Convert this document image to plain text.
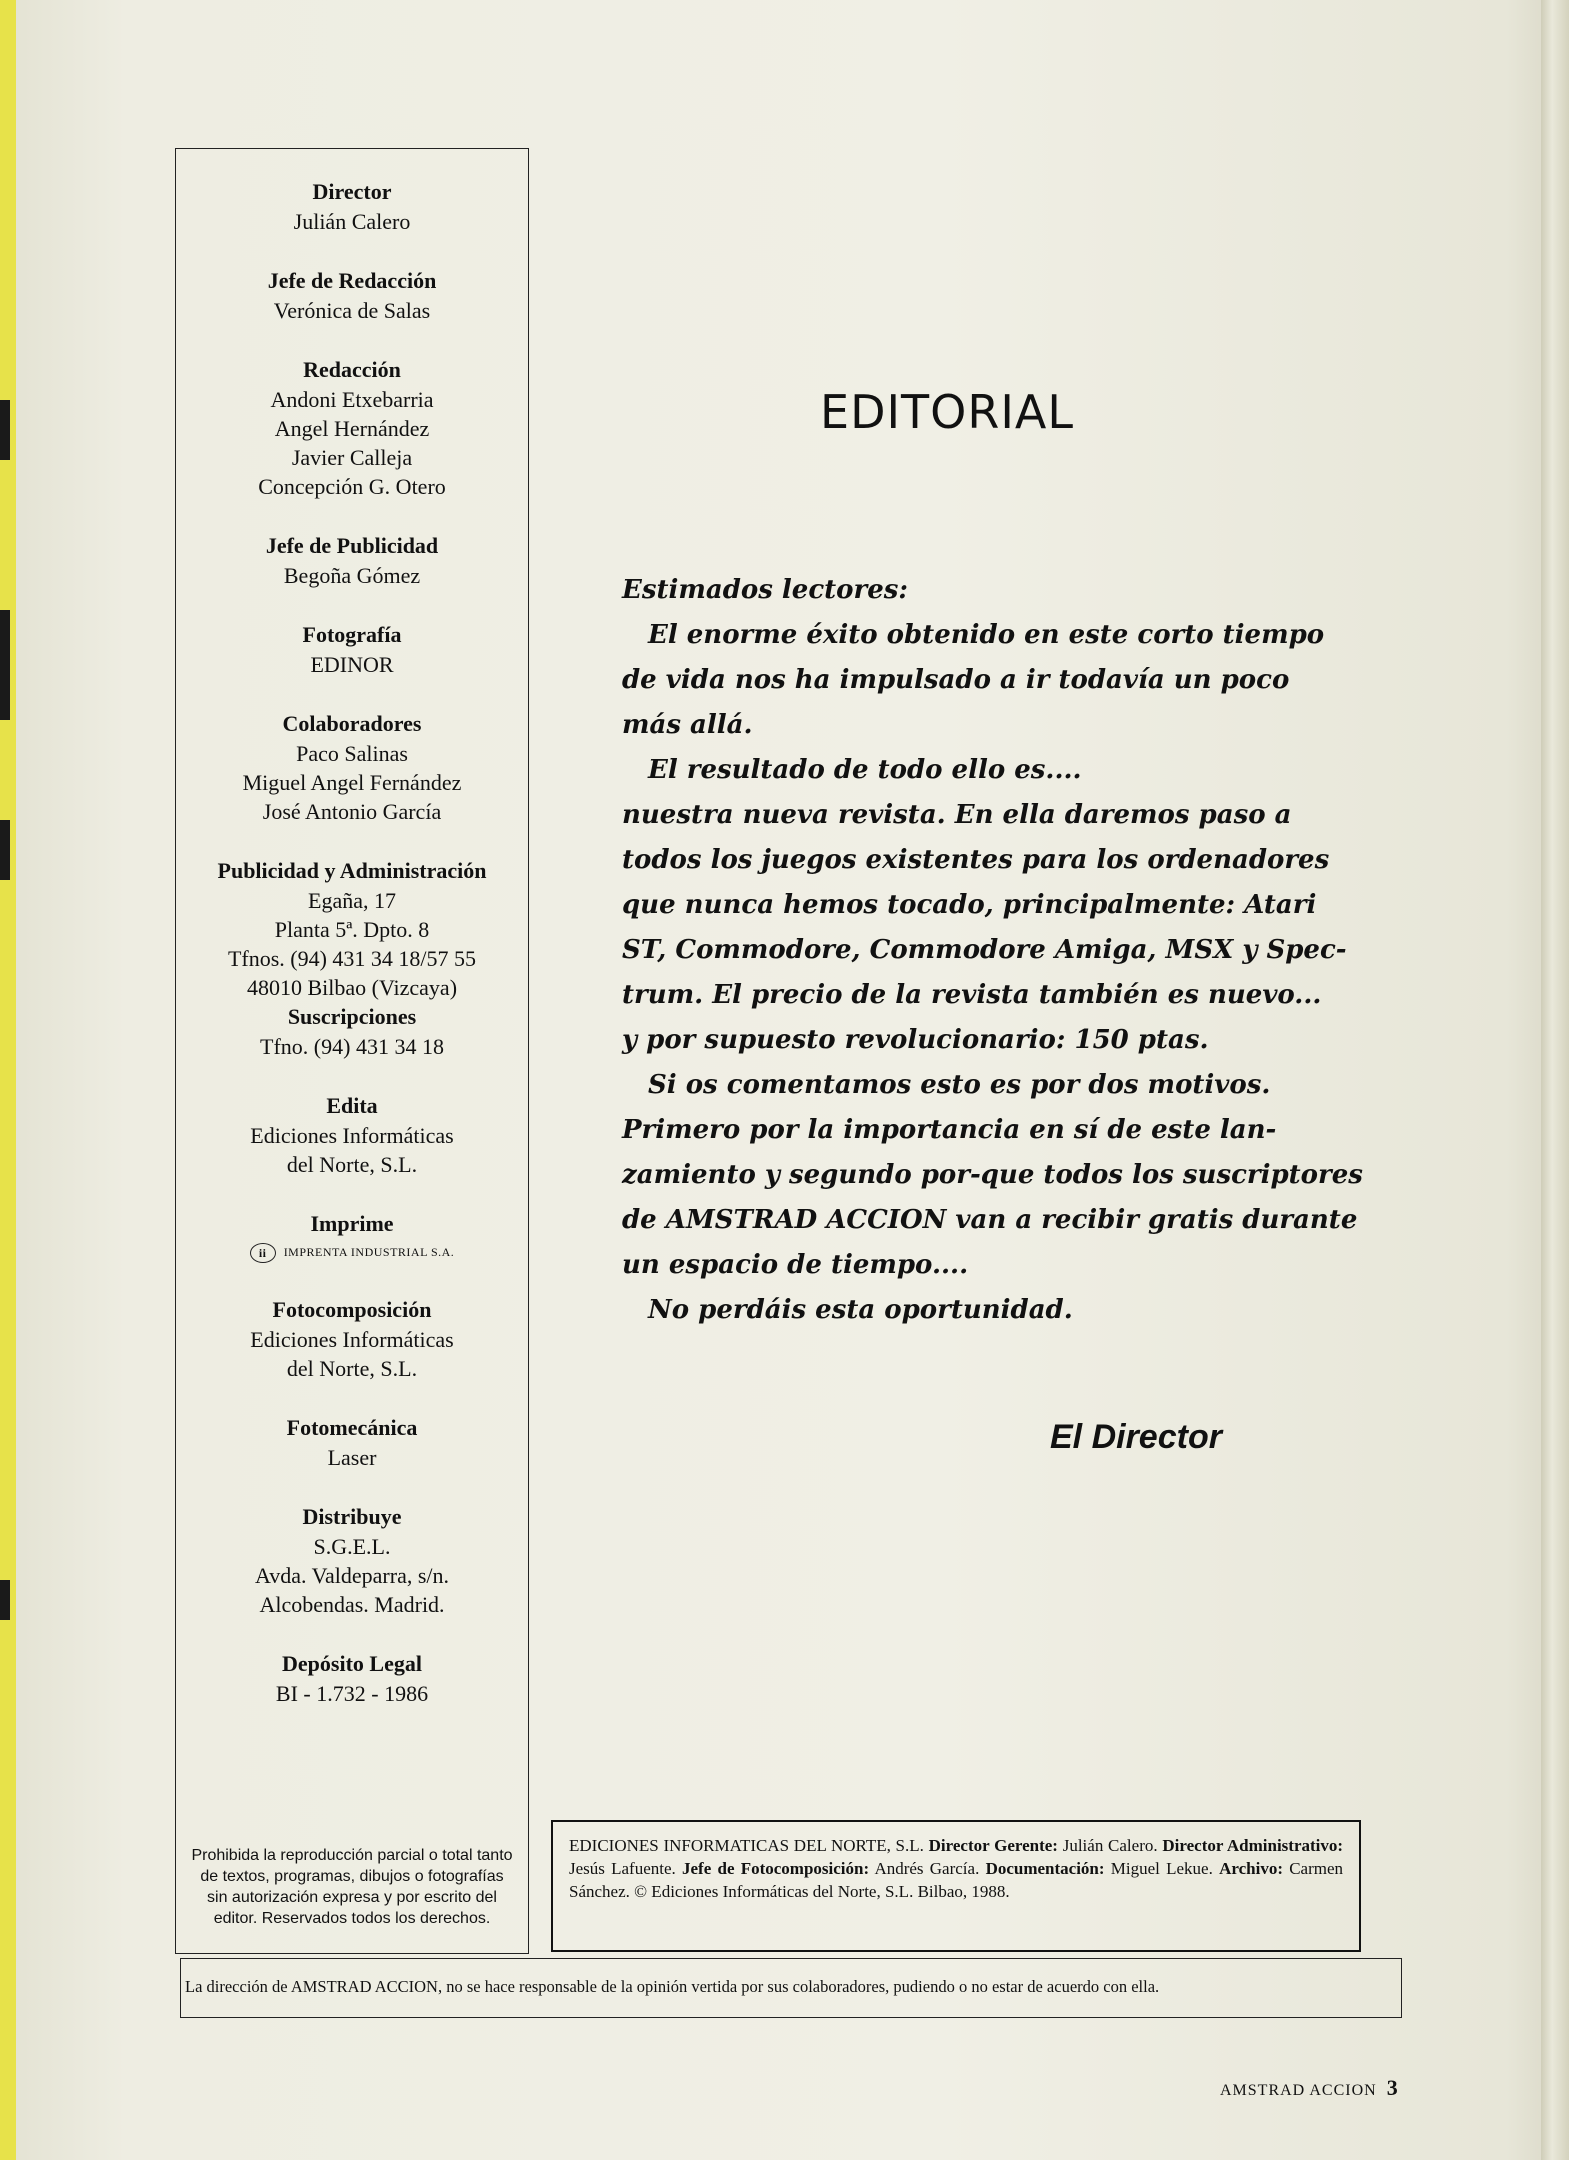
Director
Julián Calero
Jefe de Redacción
Verónica de Salas
Redacción
Andoni Etxebarria
Angel Hernández
Javier Calleja
Concepción G. Otero
Jefe de Publicidad
Begoña Gómez
Fotografía
EDINOR
Colaboradores
Paco Salinas
Miguel Angel Fernández
José Antonio García
Publicidad y Administración
Egaña, 17
Planta 5ª. Dpto. 8
Tfnos. (94) 431 34 18/57 55
48010 Bilbao (Vizcaya)
Suscripciones
Tfno. (94) 431 34 18
Edita
Ediciones Informáticas
del Norte, S.L.
Imprime
ii IMPRENTA INDUSTRIAL S.A.
Fotocomposición
Ediciones Informáticas
del Norte, S.L.
Fotomecánica
Laser
Distribuye
S.G.E.L.
Avda. Valdeparra, s/n.
Alcobendas. Madrid.
Depósito Legal
BI - 1.732 - 1986
Prohibida la reproducción parcial o total tanto de textos, programas, dibujos o fotografías sin autorización expresa y por escrito del editor. Reservados todos los derechos.
EDITORIAL
Estimados lectores:
El enorme éxito obtenido en este corto tiempo
de vida nos ha impulsado a ir todavía un poco
más allá.
El resultado de todo ello es....
nuestra nueva revista. En ella daremos paso a
todos los juegos existentes para los ordenadores
que nunca hemos tocado, principalmente: Atari
ST, Commodore, Commodore Amiga, MSX y Spec-
trum. El precio de la revista también es nuevo...
y por supuesto revolucionario: 150 ptas.
Si os comentamos esto es por dos motivos.
Primero por la importancia en sí de este lan-
zamiento y segundo por-que todos los suscriptores
de AMSTRAD ACCION van a recibir gratis durante
un espacio de tiempo....
No perdáis esta oportunidad.
El Director
EDICIONES INFORMATICAS DEL NORTE, S.L. Director Gerente: Julián Calero. Director Administrativo: Jesús Lafuente. Jefe de Fotocomposición: Andrés García. Documentación: Miguel Lekue. Archivo: Carmen Sánchez. © Ediciones Informáticas del Norte, S.L. Bilbao, 1988.
La dirección de AMSTRAD ACCION, no se hace responsable de la opinión vertida por sus colaboradores, pudiendo o no estar de acuerdo con ella.
AMSTRAD ACCION 3
